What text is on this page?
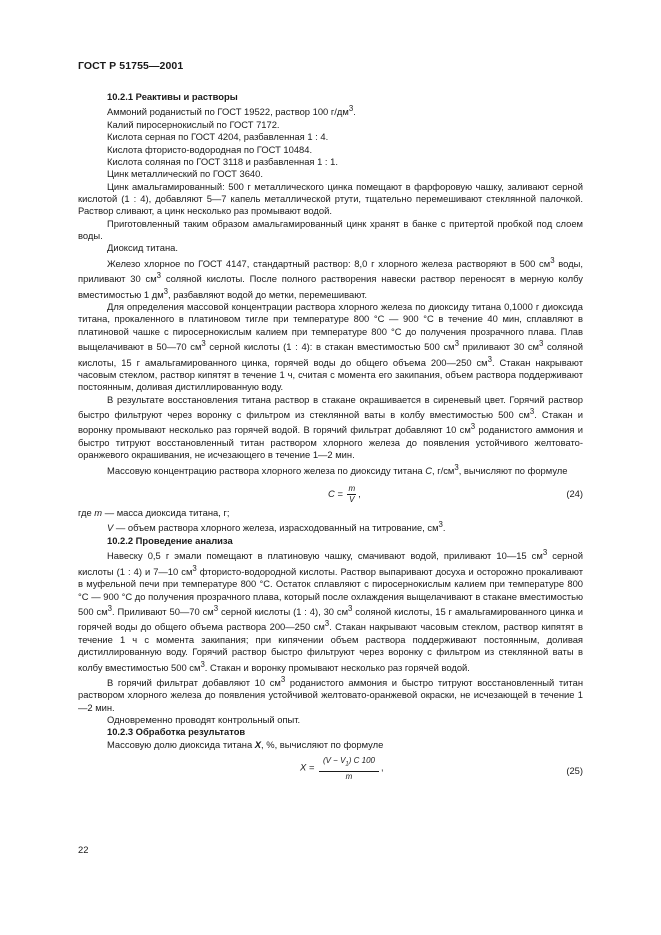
ГОСТ Р 51755—2001

10.2.1 Реактивы и растворы

Аммоний роданистый по ГОСТ 19522, раствор 100 $г/дм^3$.

Калий пиросернокислый по ГОСТ 7172.

Кислота серная по ГОСТ 4204, разбавленная 1 : 4.

Кислота фтористо-водородная по ГОСТ 10484.

Кислота соляная по ГОСТ 3118 и разбавленная 1 : 1.

Цинк металлический по ГОСТ 3640.

Цинк амальгамированный: 500 г металлического цинка помещают в фарфоровую чашку, заливают серной кислотой (1 : 4), добавляют 5—7 капель металлической ртути, тщательно перемешивают стеклянной палочкой. Раствор сливают, а цинк несколько раз промывают водой.

Приготовленный таким образом амальгамированный цинк хранят в банке с притертой пробкой под слоем воды.

Диоксид титана.

Железо хлорное по ГОСТ 4147, стандартный раствор: 8,0 г хлорного железа растворяют в 500 $см^3$ воды, приливают 30 $см^3$ соляной кислоты. После полного растворения навески раствор переносят в мерную колбу вместимостью 1 $дм^3$, разбавляют водой до метки, перемешивают.

Для определения массовой концентрации раствора хлорного железа по диоксиду титана 0,1000 г диоксида титана, прокаленного в платиновом тигле при температуре 800 °С — 900 °С в течение 40 мин, сплавляют в платиновой чашке с пиросернокислым калием при температуре 800 °С до получения прозрачного плава. Плав выщелачивают в 50—70 $см^3$ серной кислоты (1 : 4): в стакан вместимостью 500 $см^3$ приливают 30 $см^3$ соляной кислоты, 15 г амальгамированного цинка, горячей воды до общего объема 200—250 $см^3$. Стакан накрывают часовым стеклом, раствор кипятят в течение 1 ч, считая с момента его закипания, объем раствора поддерживают постоянным, доливая дистиллированную воду.

В результате восстановления титана раствор в стакане окрашивается в сиреневый цвет. Горячий раствор быстро фильтруют через воронку с фильтром из стеклянной ваты в колбу вместимостью 500 $см^3$. Стакан и воронку промывают несколько раз горячей водой. В горячий фильтрат добавляют 10 $см^3$ роданистого аммония и быстро титруют восстановленный титан раствором хлорного железа до появления устойчивого желтовато-оранжевого окрашивания, не исчезающего в течение 1—2 мин.

Массовую концентрацию раствора хлорного железа по диоксиду титана C, $г/см^3$, вычисляют по формуле

$C = \frac{m}{V}$ ,	(24)

где m — масса диоксида титана, г;

V — объем раствора хлорного железа, израсходованный на титрование, $см^3$.

10.2.2 Проведение анализа

Навеску 0,5 г эмали помещают в платиновую чашку, смачивают водой, приливают 10—15 $см^3$ серной кислоты (1 : 4) и 7—10 $см^3$ фтористо-водородной кислоты. Раствор выпаривают досуха и осторожно прокаливают в муфельной печи при температуре 800 °С. Остаток сплавляют с пиросернокислым калием при температуре 800 °С — 900 °С до получения прозрачного плава, который после охлаждения выщелачивают в стакане вместимостью 500 $см^3$. Приливают 50—70 $см^3$ серной кислоты (1 : 4), 30 $см^3$ соляной кислоты, 15 г амальгамированного цинка и горячей воды до общего объема раствора 200—250 $см^3$. Стакан накрывают часовым стеклом, раствор кипятят в течение 1 ч с момента закипания; при кипячении объем раствора поддерживают постоянным, доливая дистиллированную воду. Горячий раствор быстро фильтруют через воронку с фильтром из стеклянной ваты в колбу вместимостью 500 $см^3$. Стакан и воронку промывают несколько раз горячей водой.

В горячий фильтрат добавляют 10 $см^3$ роданистого аммония и быстро титруют восстановленный титан раствором хлорного железа до появления устойчивой желтовато-оранжевой окраски, не исчезающей в течение 1—2 мин.

Одновременно проводят контрольный опыт.

10.2.3 Обработка результатов

Массовую долю диоксида титана X, %, вычисляют по формуле

$X = \frac{(V - V_1) C 100}{m}$ ,	(25)
22
